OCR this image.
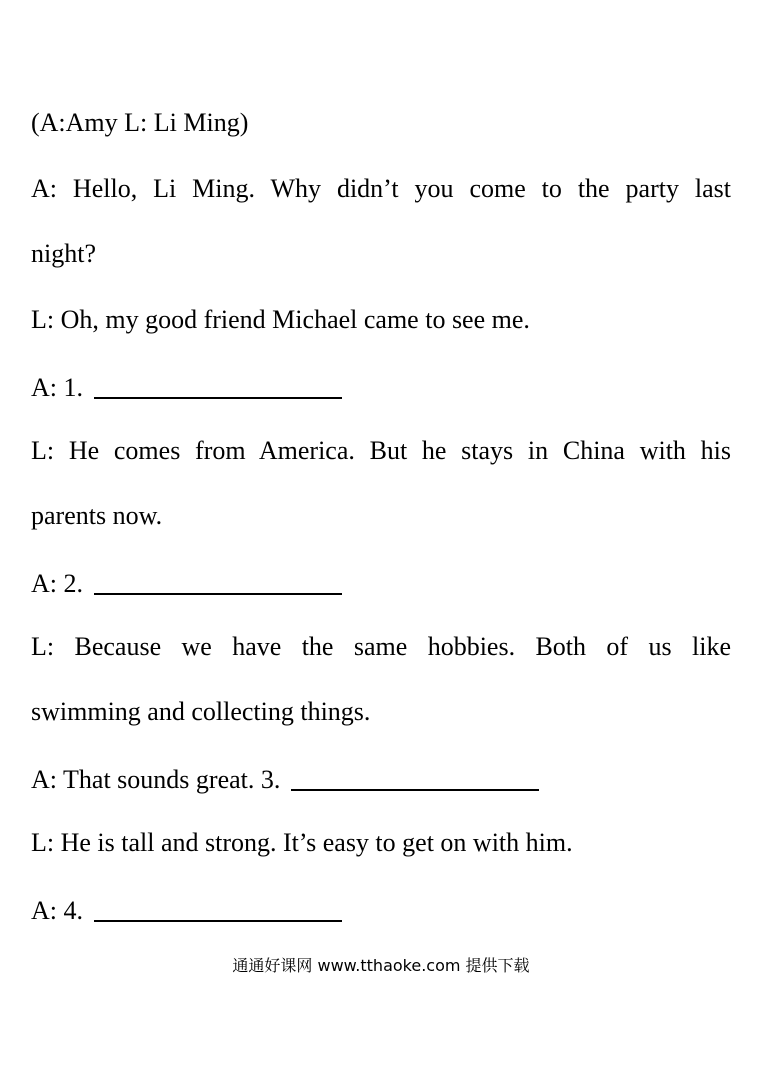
(A:Amy L: Li Ming)
A: Hello, Li Ming. Why didn’t you come to the party last
night?
L: Oh, my good friend Michael came to see me.
A: 1.
L: He comes from America. But he stays in China with his
parents now.
A: 2.
L: Because we have the same hobbies. Both of us like
swimming and collecting things.
A: That sounds great. 3.
L: He is tall and strong. It’s easy to get on with him.
A: 4.
通通好课网 www.tthaoke.com 提供下载
